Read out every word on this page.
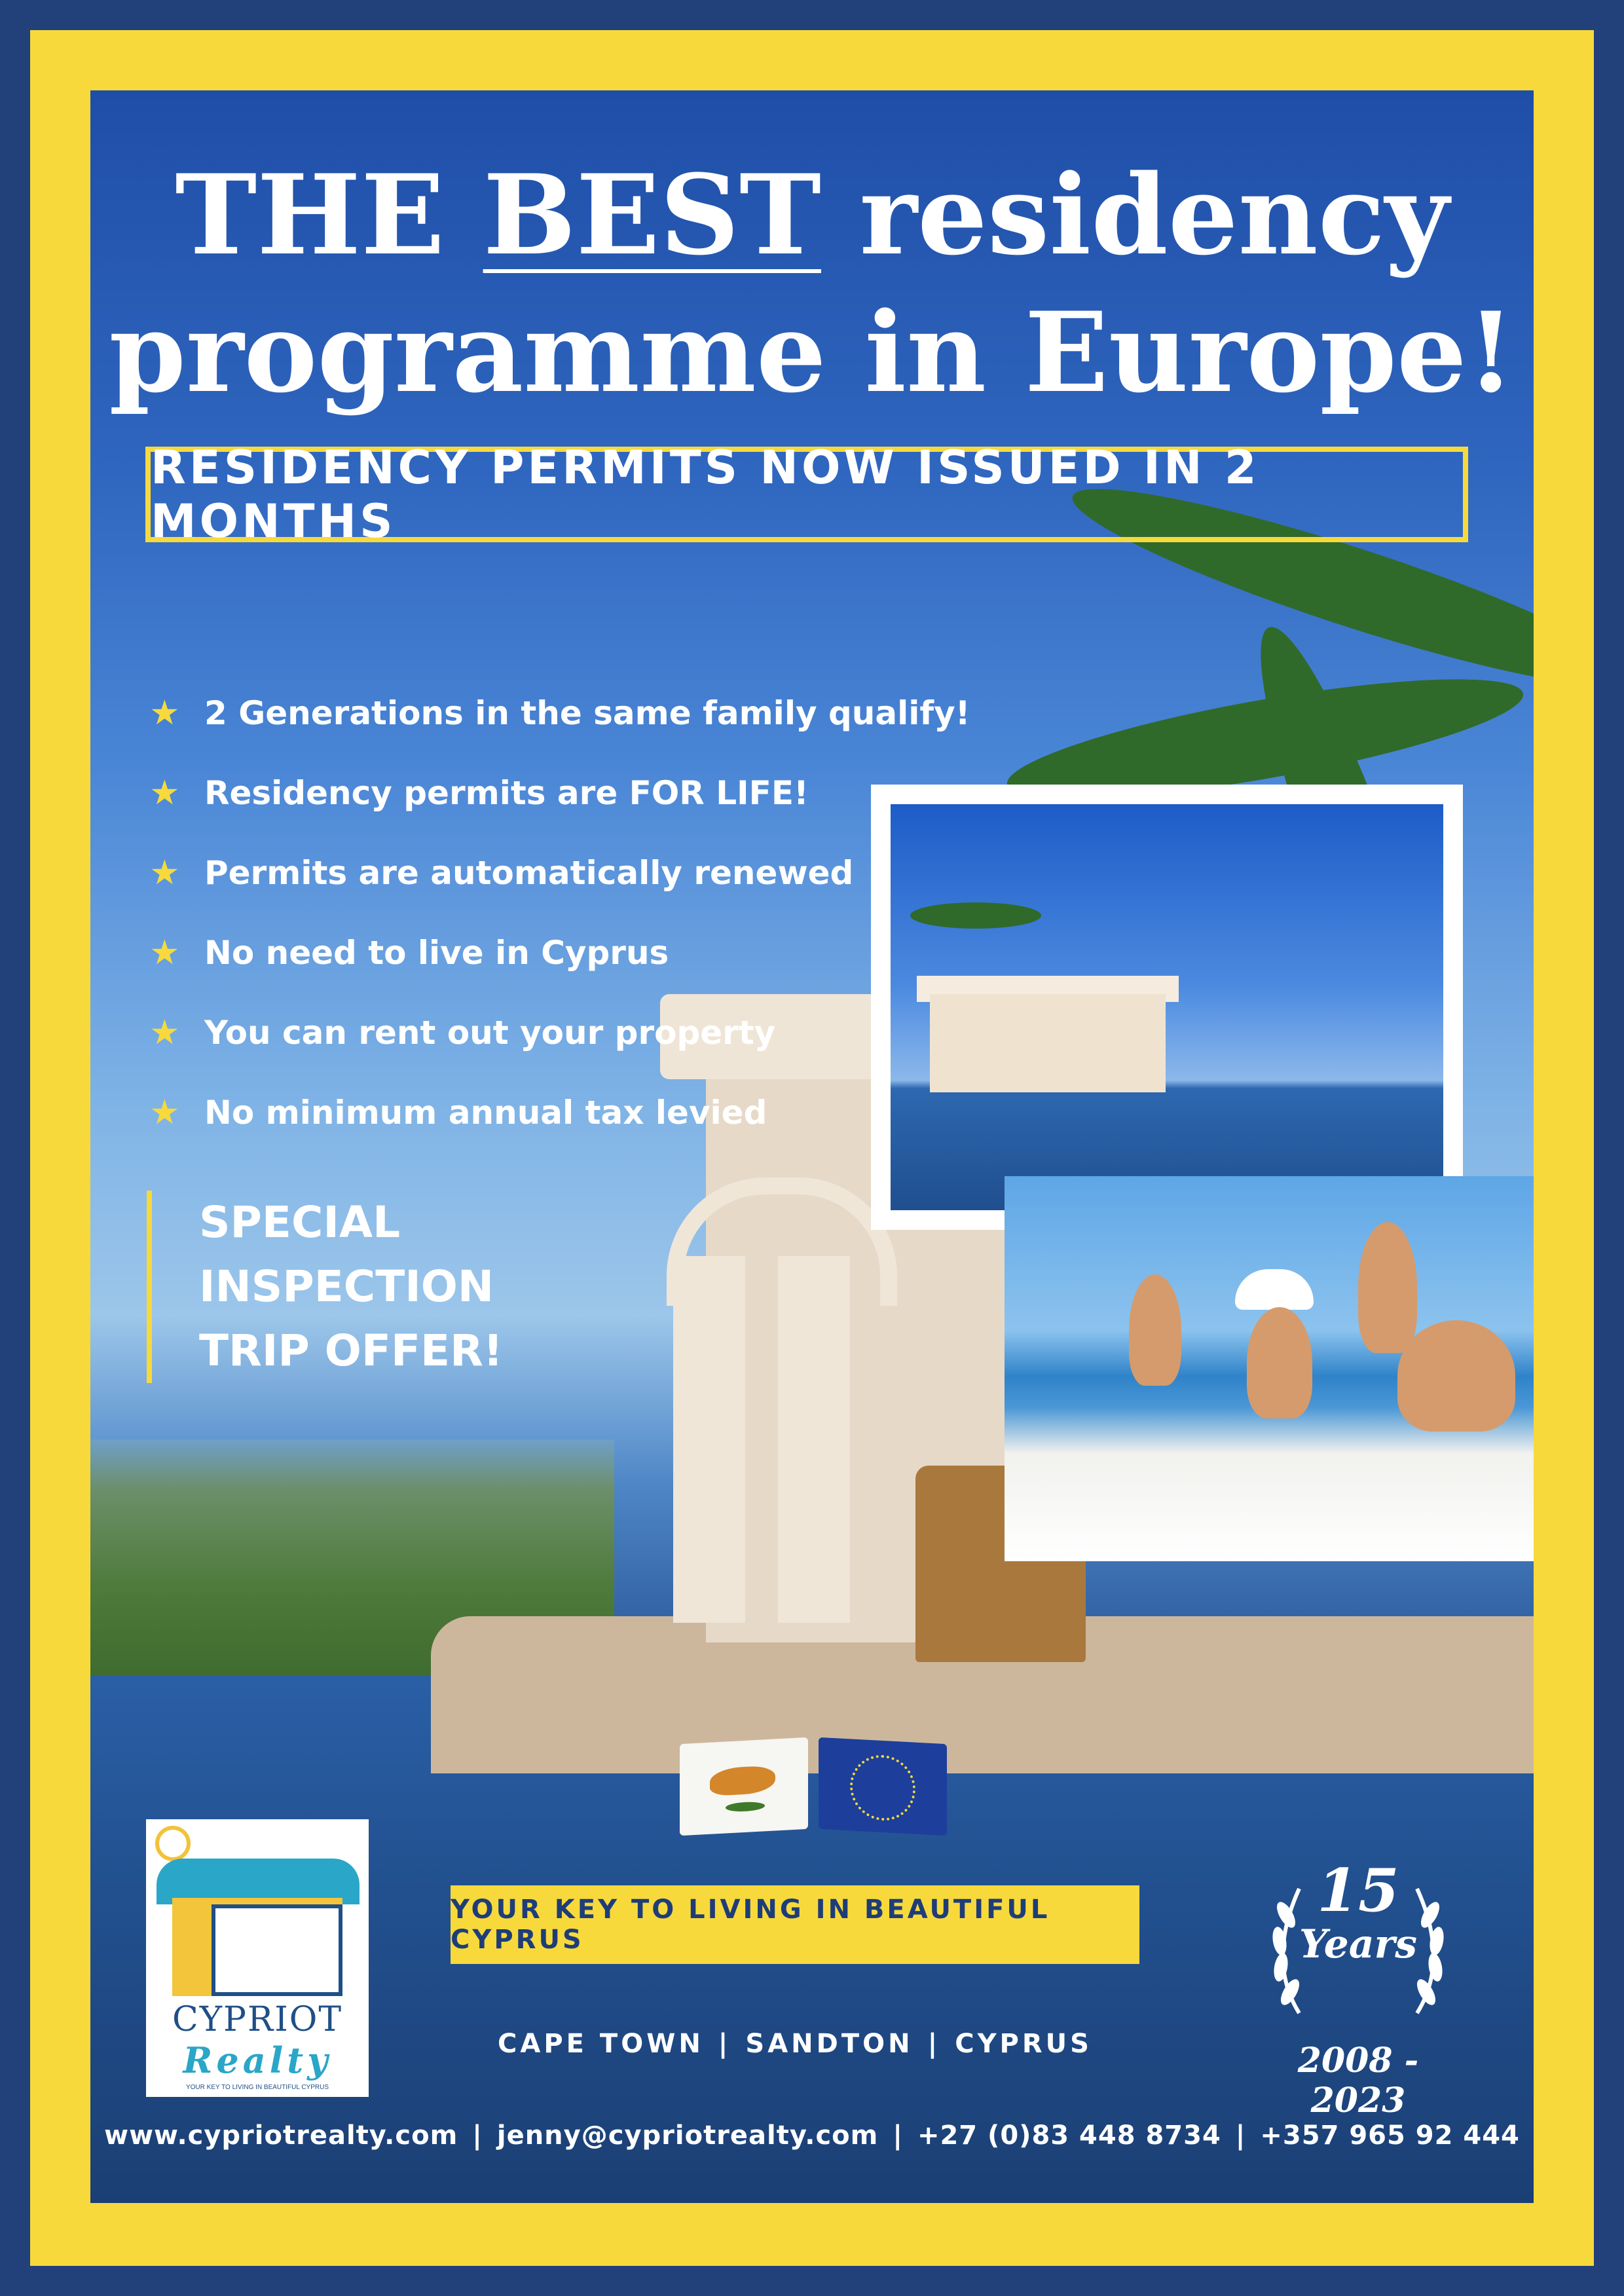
THE BEST residency
programme in Europe!
RESIDENCY PERMITS NOW ISSUED IN 2 MONTHS
★ 2 Generations in the same family qualify!
★ Residency permits are FOR LIFE!
★ Permits are automatically renewed
★ No need to live in Cyprus
★ You can rent out your property
★ No minimum annual tax levied
SPECIAL
INSPECTION
TRIP OFFER!
CYPRIOT
Realty
YOUR KEY TO LIVING IN BEAUTIFUL CYPRUS
YOUR KEY TO LIVING IN BEAUTIFUL CYPRUS
CAPE TOWN | SANDTON | CYPRUS
15
Years
2008 - 2023
www.cypriotrealty.com | jenny@cypriotrealty.com | +27 (0)83 448 8734 | +357 965 92 444
